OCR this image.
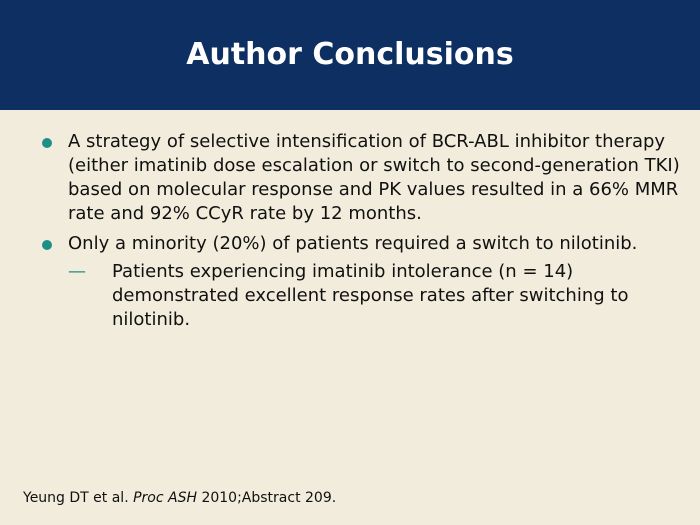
Author Conclusions
A strategy of selective intensification of BCR-ABL inhibitor therapy (either imatinib dose escalation or switch to second-generation TKI) based on molecular response and PK values resulted in a 66% MMR rate and 92% CCyR rate by 12 months.
Only a minority (20%) of patients required a switch to nilotinib.
— Patients experiencing imatinib intolerance (n = 14) demonstrated excellent response rates after switching to nilotinib.
Yeung DT et al. Proc ASH 2010;Abstract 209.
